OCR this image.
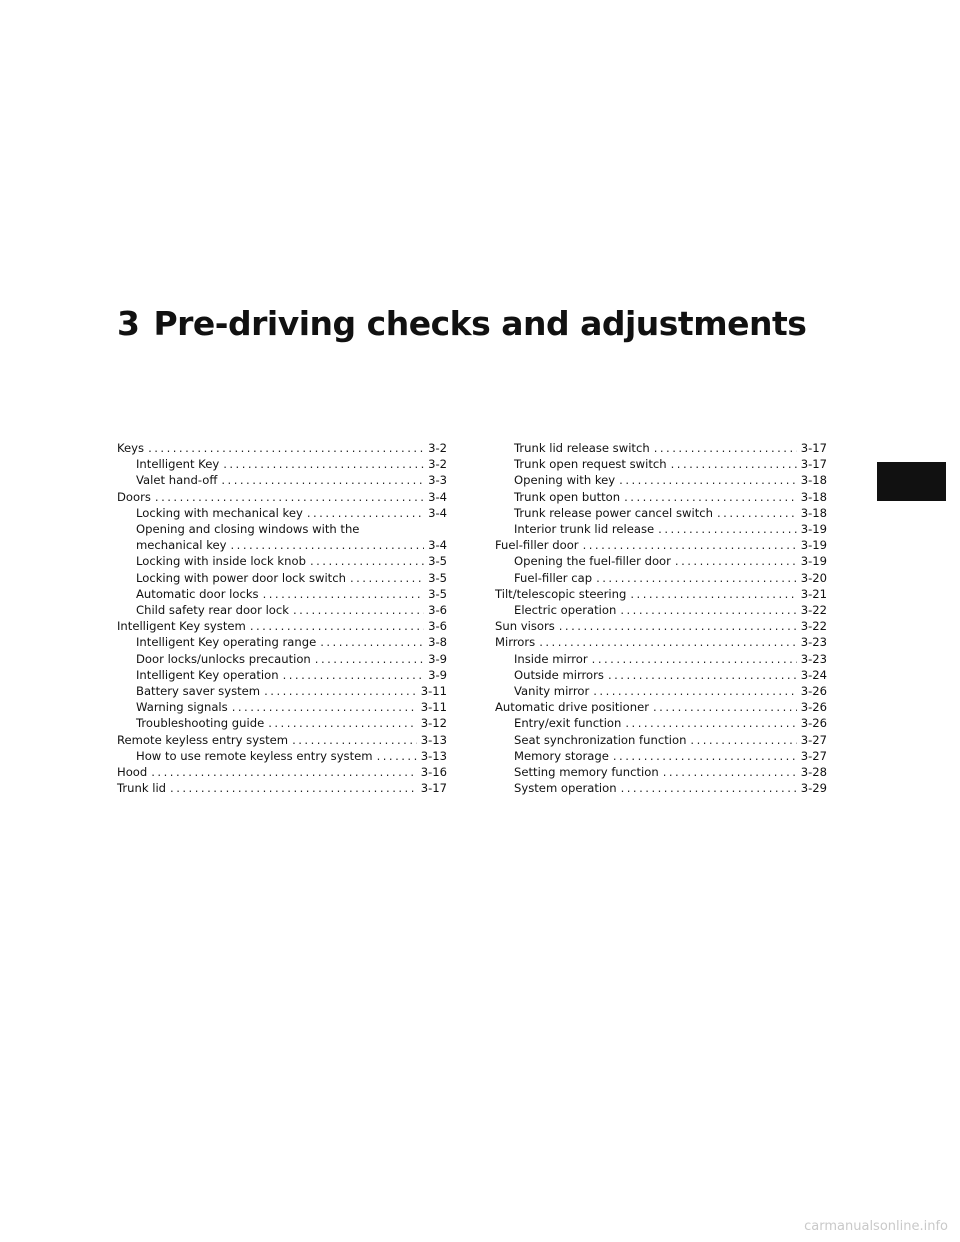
3 Pre-driving checks and adjustments
Keys . . .	3-2
Intelligent Key . . .	3-2
Valet hand-off . . .	3-3
Doors . . .	3-4
Locking with mechanical key . . .	3-4
Opening and closing windows with the
mechanical key . . .	3-4
Locking with inside lock knob . . .	3-5
Locking with power door lock switch . . .	3-5
Automatic door locks . . .	3-5
Child safety rear door lock . . .	3-6
Intelligent Key system . . .	3-6
Intelligent Key operating range . . .	3-8
Door locks/unlocks precaution . . .	3-9
Intelligent Key operation . . .	3-9
Battery saver system . . .	3-11
Warning signals . . .	3-11
Troubleshooting guide . . .	3-12
Remote keyless entry system . . .	3-13
How to use remote keyless entry system . . .	3-13
Hood . . .	3-16
Trunk lid . . .	3-17
Trunk lid release switch . . .	3-17
Trunk open request switch . . .	3-17
Opening with key . . .	3-18
Trunk open button . . .	3-18
Trunk release power cancel switch . . .	3-18
Interior trunk lid release . . .	3-19
Fuel-filler door . . .	3-19
Opening the fuel-filler door . . .	3-19
Fuel-filler cap . . .	3-20
Tilt/telescopic steering . . .	3-21
Electric operation . . .	3-22
Sun visors . . .	3-22
Mirrors . . .	3-23
Inside mirror . . .	3-23
Outside mirrors . . .	3-24
Vanity mirror . . .	3-26
Automatic drive positioner . . .	3-26
Entry/exit function . . .	3-26
Seat synchronization function . . .	3-27
Memory storage . . .	3-27
Setting memory function . . .	3-28
System operation . . .	3-29
carmanualsonline.info
